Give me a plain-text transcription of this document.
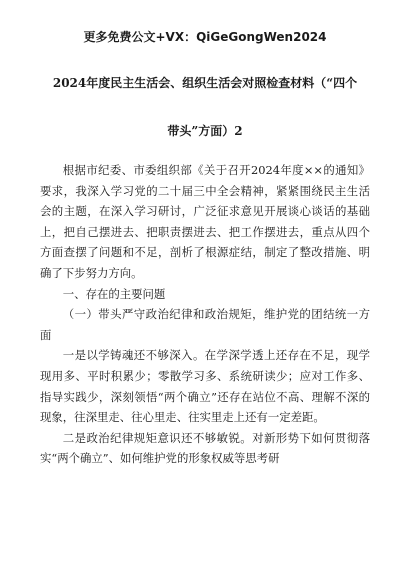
更多免费公文+VX：QiGeGongWen2024
2024年度民主生活会、组织生活会对照检查材料（“四个
带头”方面）2

根据市纪委、市委组织部《关于召开2024年度××的通知》要求，我深入学习党的二十届三中全会精神，紧紧围绕民主生活会的主题，在深入学习研讨，广泛征求意见开展谈心谈话的基础上，把自己摆进去、把职责摆进去、把工作摆进去，重点从四个方面查摆了问题和不足，剖析了根源症结，制定了整改措施、明确了下步努力方向。

一、存在的主要问题

（一）带头严守政治纪律和政治规矩，维护党的团结统一方面

一是以学铸魂还不够深入。在学深学透上还存在不足，现学现用多、平时积累少；零散学习多、系统研读少；应对工作多、指导实践少，深刻领悟“两个确立”还存在站位不高、理解不深的现象，往深里走、往心里走、往实里走上还有一定差距。

二是政治纪律规矩意识还不够敏锐。对新形势下如何贯彻落实“两个确立”、如何维护党的形象权威等思考研
